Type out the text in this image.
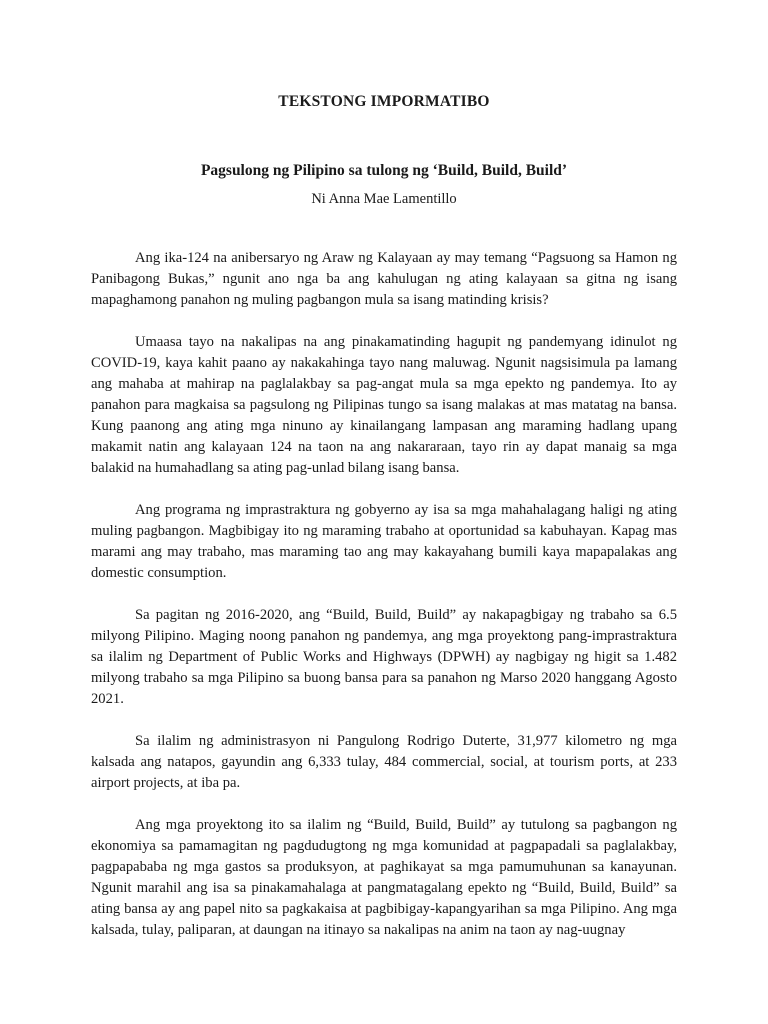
TEKSTONG IMPORMATIBO
Pagsulong ng Pilipino sa tulong ng ‘Build, Build, Build’

Ni Anna Mae Lamentillo

Ang ika-124 na anibersaryo ng Araw ng Kalayaan ay may temang “Pagsuong sa Hamon ng Panibagong Bukas,” ngunit ano nga ba ang kahulugan ng ating kalayaan sa gitna ng isang mapaghamong panahon ng muling pagbangon mula sa isang matinding krisis?

Umaasa tayo na nakalipas na ang pinakamatinding hagupit ng pandemyang idinulot ng COVID-19, kaya kahit paano ay nakakahinga tayo nang maluwag. Ngunit nagsisimula pa lamang ang mahaba at mahirap na paglalakbay sa pag-angat mula sa mga epekto ng pandemya. Ito ay panahon para magkaisa sa pagsulong ng Pilipinas tungo sa isang malakas at mas matatag na bansa. Kung paanong ang ating mga ninuno ay kinailangang lampasan ang maraming hadlang upang makamit natin ang kalayaan 124 na taon na ang nakararaan, tayo rin ay dapat manaig sa mga balakid na humahadlang sa ating pag-unlad bilang isang bansa.

Ang programa ng imprastraktura ng gobyerno ay isa sa mga mahahalagang haligi ng ating muling pagbangon. Magbibigay ito ng maraming trabaho at oportunidad sa kabuhayan. Kapag mas marami ang may trabaho, mas maraming tao ang may kakayahang bumili kaya mapapalakas ang domestic consumption.

Sa pagitan ng 2016-2020, ang “Build, Build, Build” ay nakapagbigay ng trabaho sa 6.5 milyong Pilipino. Maging noong panahon ng pandemya, ang mga proyektong pang-imprastraktura sa ilalim ng Department of Public Works and Highways (DPWH) ay nagbigay ng higit sa 1.482 milyong trabaho sa mga Pilipino sa buong bansa para sa panahon ng Marso 2020 hanggang Agosto 2021.

Sa ilalim ng administrasyon ni Pangulong Rodrigo Duterte, 31,977 kilometro ng mga kalsada ang natapos, gayundin ang 6,333 tulay, 484 commercial, social, at tourism ports, at 233 airport projects, at iba pa.

Ang mga proyektong ito sa ilalim ng “Build, Build, Build” ay tutulong sa pagbangon ng ekonomiya sa pamamagitan ng pagdudugtong ng mga komunidad at pagpapadali sa paglalakbay, pagpapababa ng mga gastos sa produksyon, at paghikayat sa mga pamumuhunan sa kanayunan. Ngunit marahil ang isa sa pinakamahalaga at pangmatagalang epekto ng “Build, Build, Build” sa ating bansa ay ang papel nito sa pagkakaisa at pagbibigay-kapangyarihan sa mga Pilipino. Ang mga kalsada, tulay, paliparan, at daungan na itinayo sa nakalipas na anim na taon ay nag-uugnay
